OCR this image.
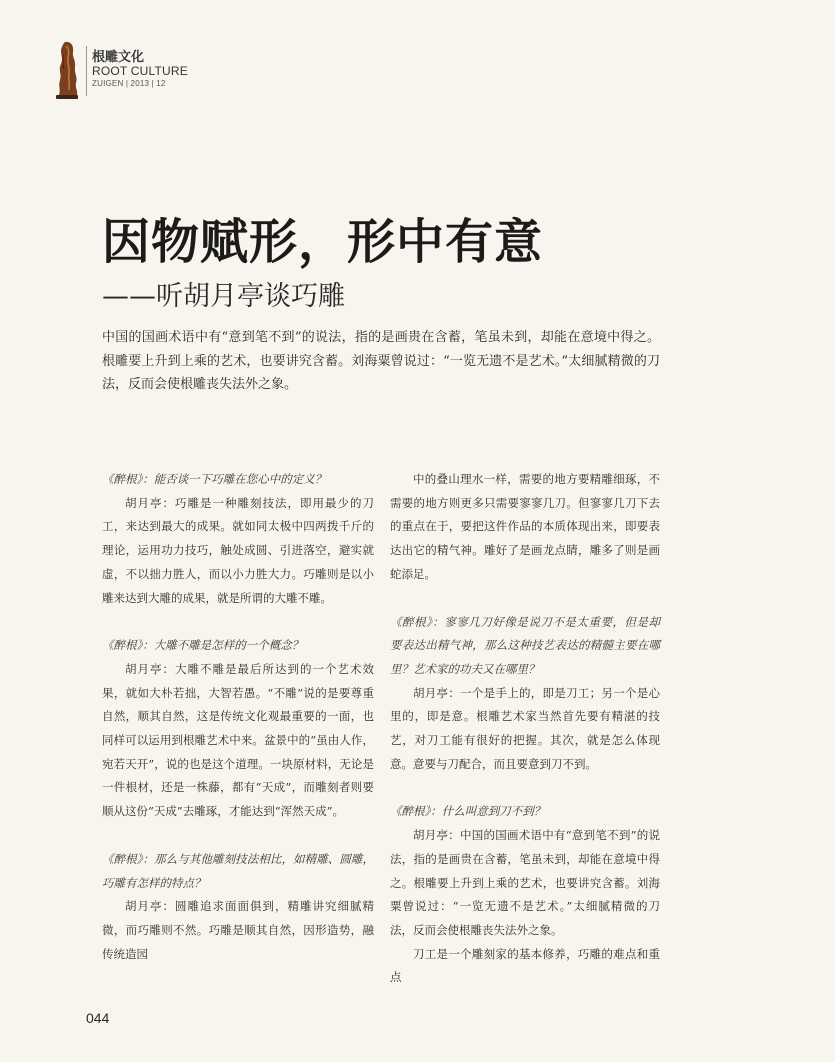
根雕文化
ROOT CULTURE
ZUIGEN | 2013 | 12
因物赋形，形中有意
——听胡月亭谈巧雕

中国的国画术语中有“意到笔不到”的说法，指的是画贵在含蓄，笔虽未到，却能在意境中得之。根雕要上升到上乘的艺术，也要讲究含蓄。刘海粟曾说过：“一览无遗不是艺术。”太细腻精微的刀法，反而会使根雕丧失法外之象。

《醉根》：能否谈一下巧雕在您心中的定义？

胡月亭：巧雕是一种雕刻技法，即用最少的刀工，来达到最大的成果。就如同太极中四两拨千斤的理论，运用功力技巧，触处成圆、引进落空，避实就虚，不以拙力胜人，而以小力胜大力。巧雕则是以小雕来达到大雕的成果，就是所谓的大雕不雕。

《醉根》：大雕不雕是怎样的一个概念？

胡月亭：大雕不雕是最后所达到的一个艺术效果，就如大朴若拙，大智若愚。“不雕”说的是要尊重自然，顺其自然，这是传统文化观最重要的一面，也同样可以运用到根雕艺术中来。盆景中的“虽由人作，宛若天开”，说的也是这个道理。一块原材料，无论是一件根材，还是一株藤，都有“天成”，而雕刻者则要顺从这份“天成”去雕琢，才能达到“浑然天成”。

《醉根》：那么与其他雕刻技法相比，如精雕、圆雕，巧雕有怎样的特点？

胡月亭：圆雕追求面面俱到，精雕讲究细腻精微，而巧雕则不然。巧雕是顺其自然，因形造势，融传统造园

中的叠山理水一样，需要的地方要精雕细琢，不需要的地方则更多只需要寥寥几刀。但寥寥几刀下去的重点在于，要把这件作品的本质体现出来，即要表达出它的精气神。雕好了是画龙点睛，雕多了则是画蛇添足。

《醉根》：寥寥几刀好像是说刀不是太重要，但是却要表达出精气神，那么这种技艺表达的精髓主要在哪里？艺术家的功夫又在哪里？

胡月亭：一个是手上的，即是刀工；另一个是心里的，即是意。根雕艺术家当然首先要有精湛的技艺，对刀工能有很好的把握。其次，就是怎么体现意。意要与刀配合，而且要意到刀不到。

《醉根》：什么叫意到刀不到？

胡月亭：中国的国画术语中有“意到笔不到”的说法，指的是画贵在含蓄，笔虽未到，却能在意境中得之。根雕要上升到上乘的艺术，也要讲究含蓄。刘海粟曾说过：“一览无遗不是艺术。”太细腻精微的刀法，反而会使根雕丧失法外之象。

刀工是一个雕刻家的基本修养，巧雕的难点和重点

044
